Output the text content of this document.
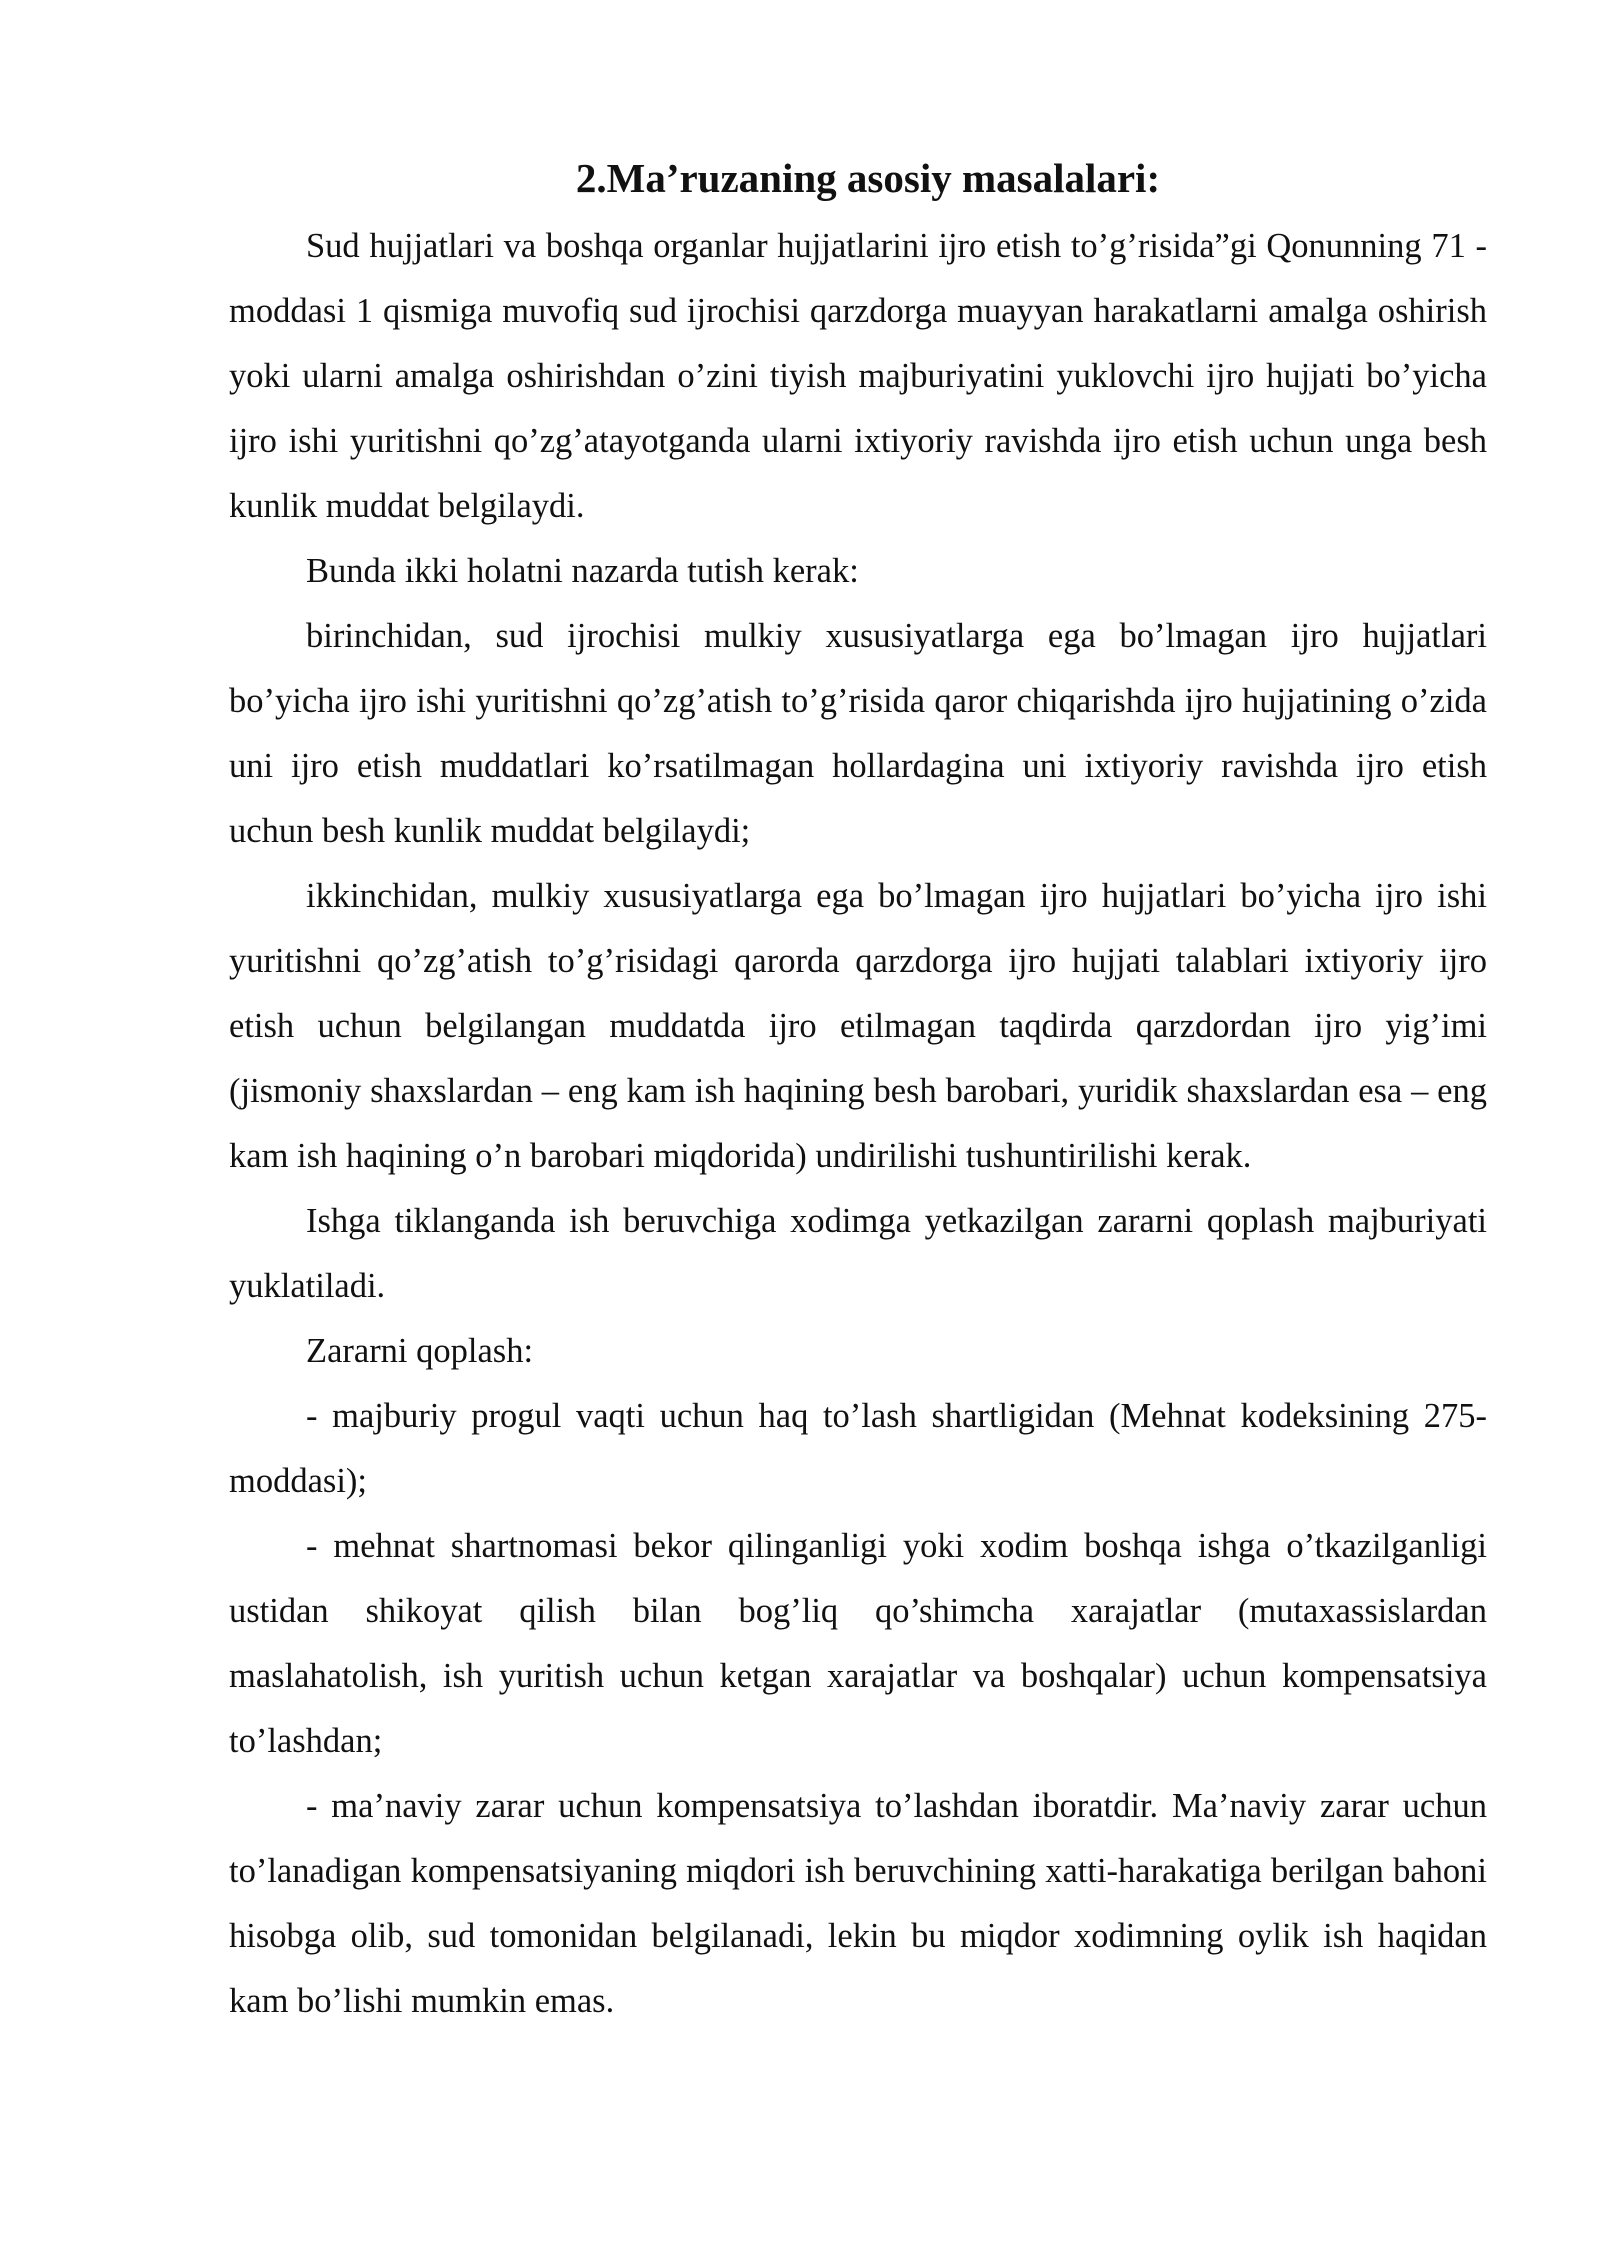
2.Ma’ruzaning asosiy masalalari:

Sud hujjatlari va boshqa organlar hujjatlarini ijro etish to’g’risida”gi Qonunning 71 - moddasi 1 qismiga muvofiq sud ijrochisi qarzdorga muayyan harakatlarni amalga oshirish yoki ularni amalga oshirishdan o’zini tiyish majburiyatini yuklovchi ijro hujjati bo’yicha ijro ishi yuritishni qo’zg’atayotganda ularni ixtiyoriy ravishda ijro etish uchun unga besh kunlik muddat belgilaydi.

Bunda ikki holatni nazarda tutish kerak:

birinchidan, sud ijrochisi mulkiy xususiyatlarga ega bo’lmagan ijro hujjatlari bo’yicha ijro ishi yuritishni qo’zg’atish to’g’risida qaror chiqarishda ijro hujjatining o’zida uni ijro etish muddatlari ko’rsatilmagan hollardagina uni ixtiyoriy ravishda ijro etish uchun besh kunlik muddat belgilaydi;

ikkinchidan, mulkiy xususiyatlarga ega bo’lmagan ijro hujjatlari bo’yicha ijro ishi yuritishni qo’zg’atish to’g’risidagi qarorda qarzdorga ijro hujjati talablari ixtiyoriy ijro etish uchun belgilangan muddatda ijro etilmagan taqdirda qarzdordan ijro yig’imi (jismoniy shaxslardan – eng kam ish haqining besh barobari, yuridik shaxslardan esa – eng kam ish haqining o’n barobari miqdorida) undirilishi tushuntirilishi kerak.

Ishga tiklanganda ish beruvchiga xodimga yetkazilgan zararni qoplash majburiyati yuklatiladi.

Zararni qoplash:

- majburiy progul vaqti uchun haq to’lash shartligidan (Mehnat kodeksining 275-moddasi);

- mehnat shartnomasi bekor qilinganligi yoki xodim boshqa ishga o’tkazilganligi ustidan shikoyat qilish bilan bog’liq qo’shimcha xarajatlar (mutaxassislardan maslahatolish, ish yuritish uchun ketgan xarajatlar va boshqalar) uchun kompensatsiya to’lashdan;

- ma’naviy zarar uchun kompensatsiya to’lashdan iboratdir. Ma’naviy zarar uchun to’lanadigan kompensatsiyaning miqdori ish beruvchining xatti-harakatiga berilgan bahoni hisobga olib, sud tomonidan belgilanadi, lekin bu miqdor xodimning oylik ish haqidan kam bo’lishi mumkin emas.
